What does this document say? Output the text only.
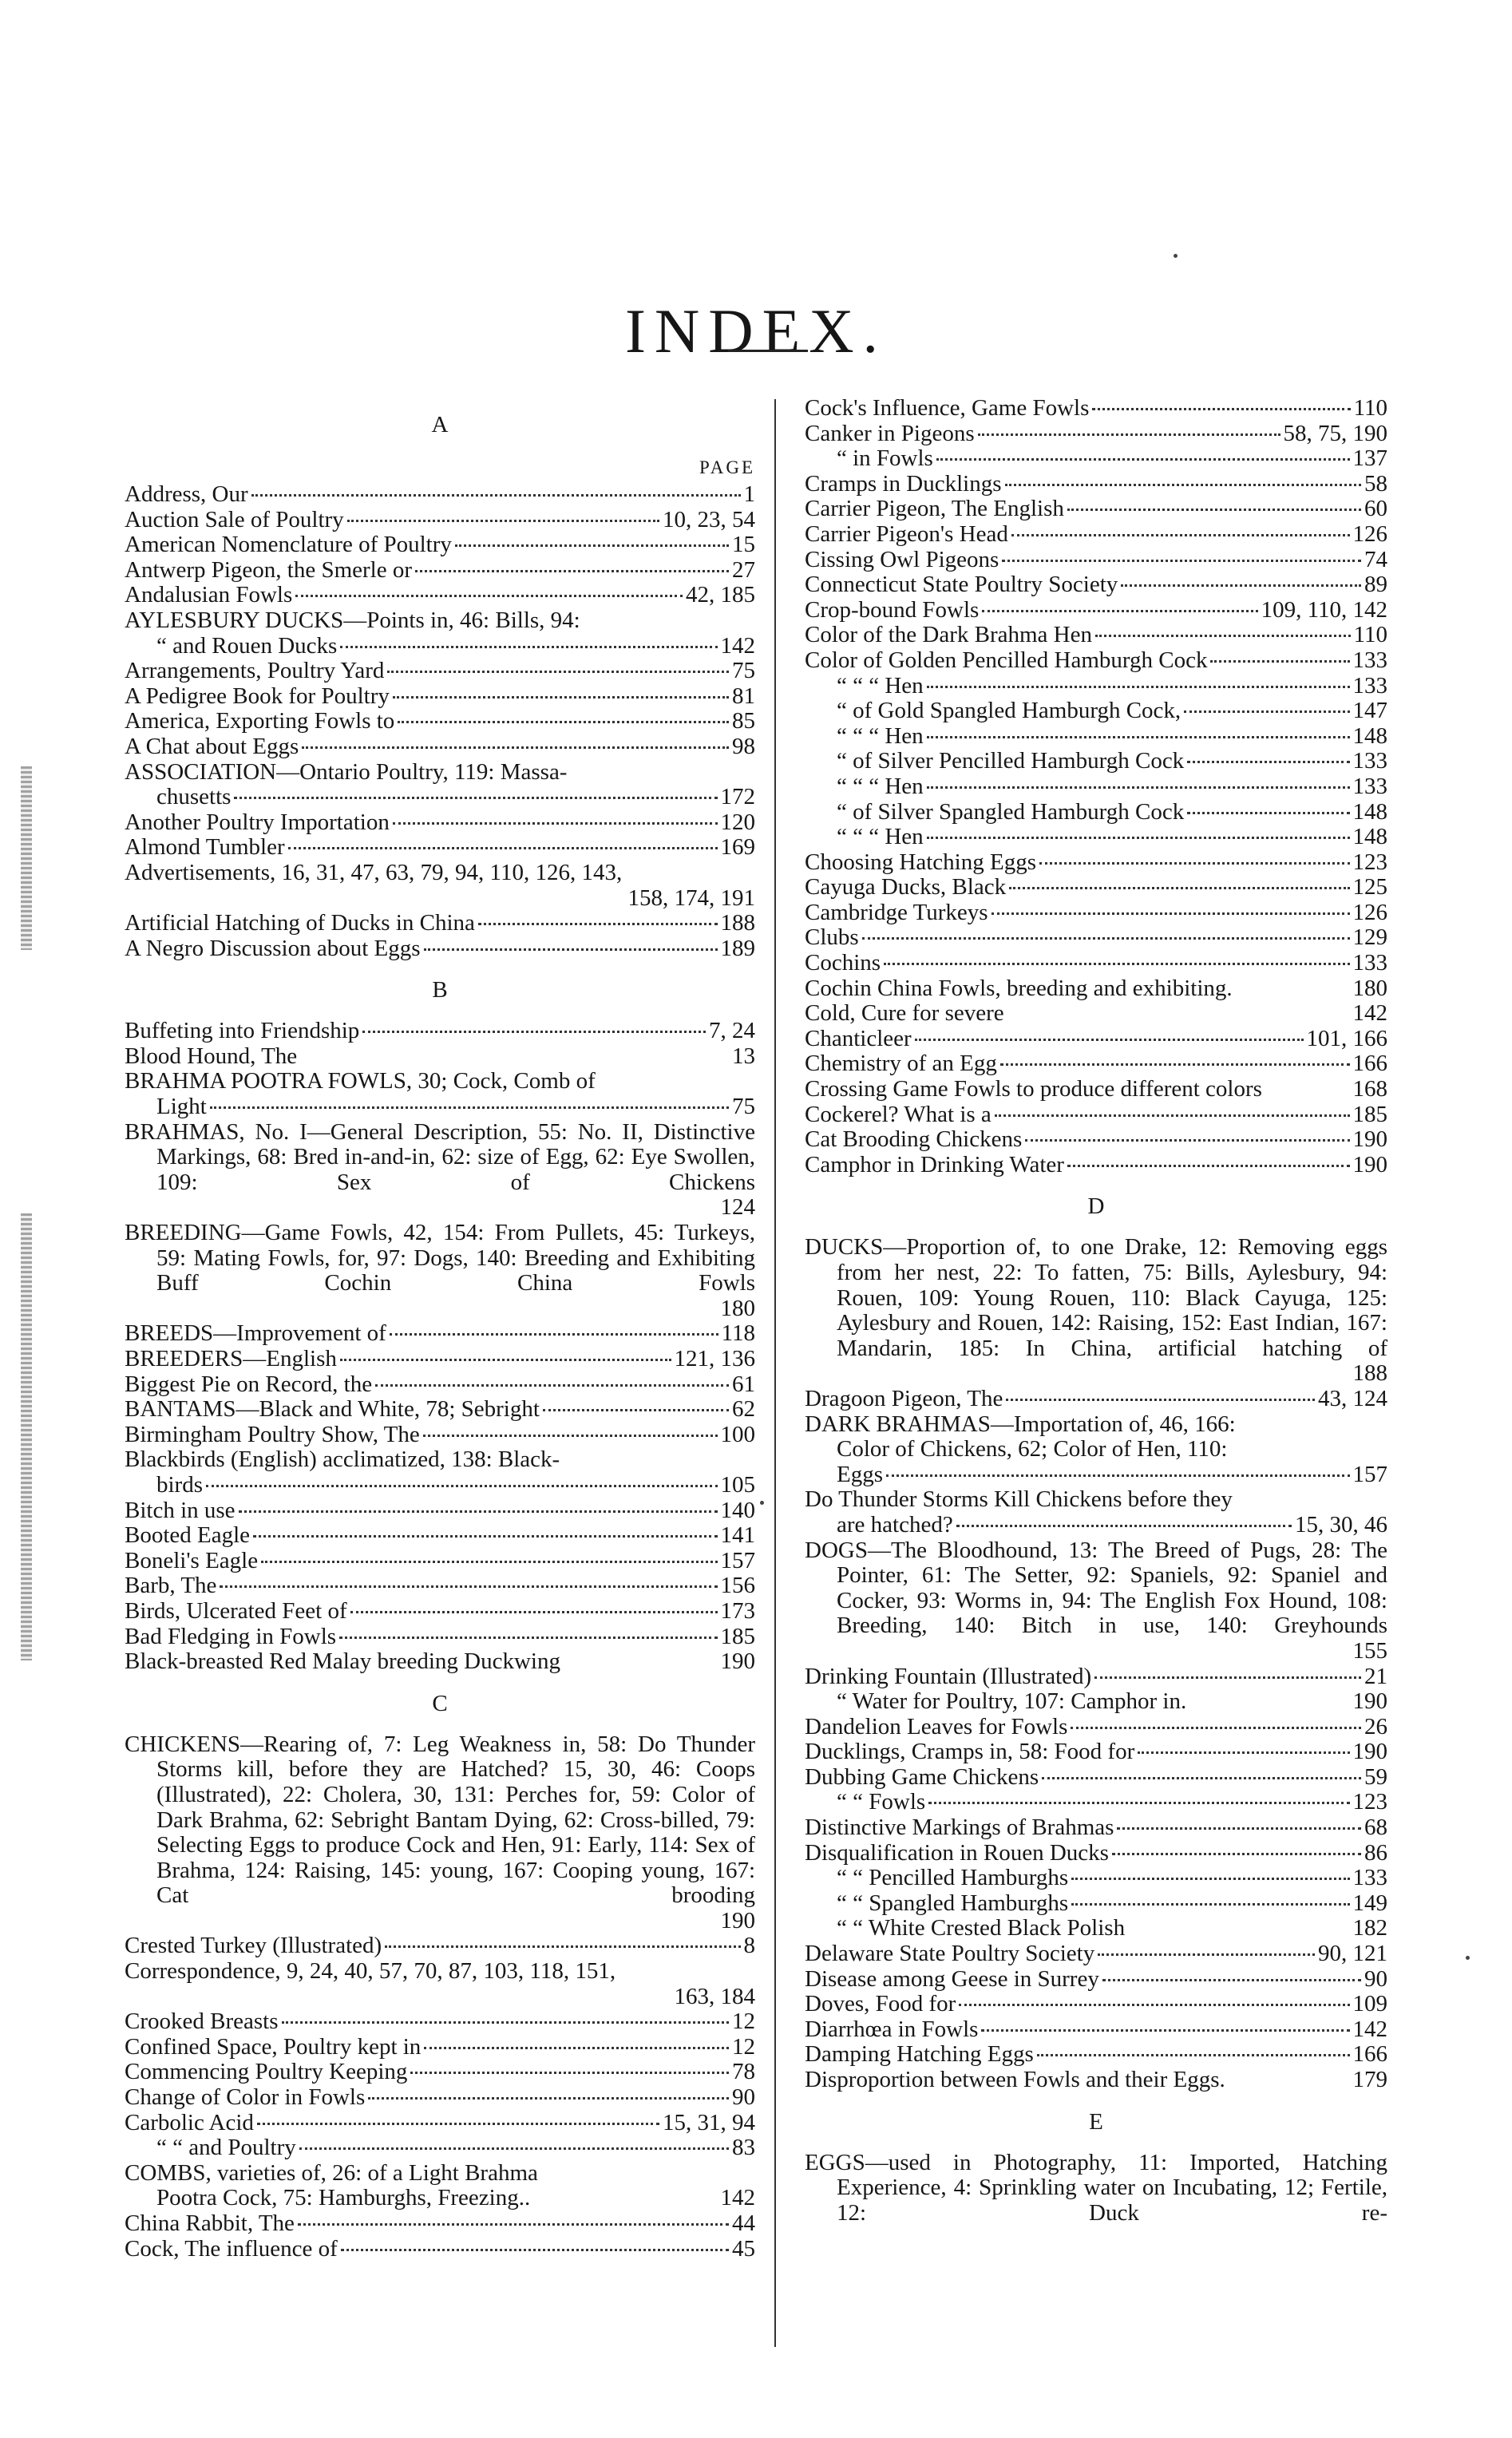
INDEX.
A
PAGE
Address, Our	1
Auction Sale of Poultry	10, 23, 54
American Nomenclature of Poultry	15
Antwerp Pigeon, the Smerle or	27
Andalusian Fowls	42, 185
AYLESBURY DUCKS—Points in, 46: Bills, 94:
“ and Rouen Ducks	142
Arrangements, Poultry Yard	75
A Pedigree Book for Poultry	81
America, Exporting Fowls to	85
A Chat about Eggs	98
ASSOCIATION—Ontario Poultry, 119: Massa-
chusetts	172
Another Poultry Importation	120
Almond Tumbler	169
Advertisements, 16, 31, 47, 63, 79, 94, 110, 126, 143,
158, 174, 191
Artificial Hatching of Ducks in China	188
A Negro Discussion about Eggs	189
B
Buffeting into Friendship	7, 24
Blood Hound, The	13
BRAHMA POOTRA FOWLS, 30; Cock, Comb of
Light	75
BRAHMAS, No. I—General Description, 55: No. II, Distinctive Markings, 68: Bred in-and-in, 62: size of Egg, 62: Eye Swollen, 109: Sex of Chickens
124
BREEDING—Game Fowls, 42, 154: From Pullets, 45: Turkeys, 59: Mating Fowls, for, 97: Dogs, 140: Breeding and Exhibiting Buff Cochin China Fowls
180
BREEDS—Improvement of	118
BREEDERS—English	121, 136
Biggest Pie on Record, the	61
BANTAMS—Black and White, 78; Sebright	62
Birmingham Poultry Show, The	100
Blackbirds (English) acclimatized, 138: Black-
birds	105
Bitch in use	140
Booted Eagle	141
Boneli's Eagle	157
Barb, The	156
Birds, Ulcerated Feet of	173
Bad Fledging in Fowls	185
Black-breasted Red Malay breeding Duckwing	190
C
CHICKENS—Rearing of, 7: Leg Weakness in, 58: Do Thunder Storms kill, before they are Hatched? 15, 30, 46: Coops (Illustrated), 22: Cholera, 30, 131: Perches for, 59: Color of Dark Brahma, 62: Sebright Bantam Dying, 62: Cross-billed, 79: Selecting Eggs to produce Cock and Hen, 91: Early, 114: Sex of Brahma, 124: Raising, 145: young, 167: Cooping young, 167: Cat brooding
190
Crested Turkey (Illustrated)	8
Correspondence, 9, 24, 40, 57, 70, 87, 103, 118, 151,
163, 184
Crooked Breasts	12
Confined Space, Poultry kept in	12
Commencing Poultry Keeping	78
Change of Color in Fowls	90
Carbolic Acid	15, 31, 94
“ “ and Poultry	83
COMBS, varieties of, 26: of a Light Brahma
Pootra Cock, 75: Hamburghs, Freezing..	142
China Rabbit, The	44
Cock, The influence of	45
Cock's Influence, Game Fowls	110
Canker in Pigeons	58, 75, 190
“ in Fowls	137
Cramps in Ducklings	58
Carrier Pigeon, The English	60
Carrier Pigeon's Head	126
Cissing Owl Pigeons	74
Connecticut State Poultry Society	89
Crop-bound Fowls	109, 110, 142
Color of the Dark Brahma Hen	110
Color of Golden Pencilled Hamburgh Cock	133
“ “ “ Hen	133
“ of Gold Spangled Hamburgh Cock,	147
“ “ “ Hen	148
“ of Silver Pencilled Hamburgh Cock	133
“ “ “ Hen	133
“ of Silver Spangled Hamburgh Cock	148
“ “ “ Hen	148
Choosing Hatching Eggs	123
Cayuga Ducks, Black	125
Cambridge Turkeys	126
Clubs	129
Cochins	133
Cochin China Fowls, breeding and exhibiting.	180
Cold, Cure for severe	142
Chanticleer	101, 166
Chemistry of an Egg	166
Crossing Game Fowls to produce different colors	168
Cockerel? What is a	185
Cat Brooding Chickens	190
Camphor in Drinking Water	190
D
DUCKS—Proportion of, to one Drake, 12: Removing eggs from her nest, 22: To fatten, 75: Bills, Aylesbury, 94: Rouen, 109: Young Rouen, 110: Black Cayuga, 125: Aylesbury and Rouen, 142: Raising, 152: East Indian, 167: Mandarin, 185: In China, artificial hatching of
188
Dragoon Pigeon, The	43, 124
DARK BRAHMAS—Importation of, 46, 166:
Color of Chickens, 62; Color of Hen, 110:
Eggs	157
Do Thunder Storms Kill Chickens before they
are hatched?	15, 30, 46
DOGS—The Bloodhound, 13: The Breed of Pugs, 28: The Pointer, 61: The Setter, 92: Spaniels, 92: Spaniel and Cocker, 93: Worms in, 94: The English Fox Hound, 108: Breeding, 140: Bitch in use, 140: Greyhounds
155
Drinking Fountain (Illustrated)	21
“ Water for Poultry, 107: Camphor in.	190
Dandelion Leaves for Fowls	26
Ducklings, Cramps in, 58: Food for	190
Dubbing Game Chickens	59
“ “ Fowls	123
Distinctive Markings of Brahmas	68
Disqualification in Rouen Ducks	86
“ “ Pencilled Hamburghs	133
“ “ Spangled Hamburghs	149
“ “ White Crested Black Polish	182
Delaware State Poultry Society	90, 121
Disease among Geese in Surrey	90
Doves, Food for	109
Diarrhœa in Fowls	142
Damping Hatching Eggs	166
Disproportion between Fowls and their Eggs.	179
E
EGGS—used in Photography, 11: Imported, Hatching Experience, 4: Sprinkling water on Incubating, 12; Fertile, 12: Duck re-
